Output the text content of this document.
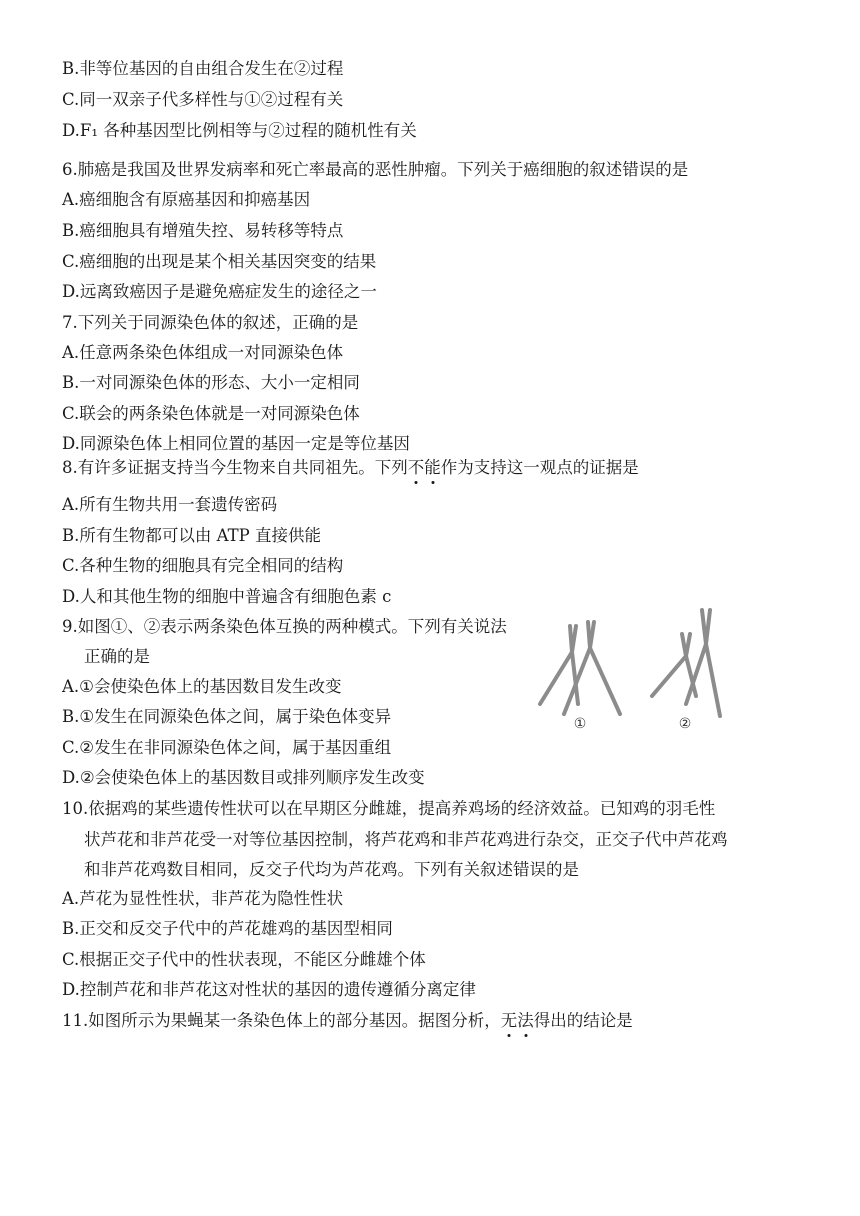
B.非等位基因的自由组合发生在②过程
C.同一双亲子代多样性与①②过程有关
D.F₁ 各种基因型比例相等与②过程的随机性有关
6.肺癌是我国及世界发病率和死亡率最高的恶性肿瘤。下列关于癌细胞的叙述错误的是
A.癌细胞含有原癌基因和抑癌基因
B.癌细胞具有增殖失控、易转移等特点
C.癌细胞的出现是某个相关基因突变的结果
D.远离致癌因子是避免癌症发生的途径之一
7.下列关于同源染色体的叙述，正确的是
A.任意两条染色体组成一对同源染色体
B.一对同源染色体的形态、大小一定相同
C.联会的两条染色体就是一对同源染色体
D.同源染色体上相同位置的基因一定是等位基因
8.有许多证据支持当今生物来自共同祖先。下列不能作为支持这一观点的证据是
A.所有生物共用一套遗传密码
B.所有生物都可以由 ATP 直接供能
C.各种生物的细胞具有完全相同的结构
D.人和其他生物的细胞中普遍含有细胞色素 c
9.如图①、②表示两条染色体互换的两种模式。下列有关说法
正确的是
A.①会使染色体上的基因数目发生改变
B.①发生在同源染色体之间，属于染色体变异
C.②发生在非同源染色体之间，属于基因重组
D.②会使染色体上的基因数目或排列顺序发生改变
①	②
10.依据鸡的某些遗传性状可以在早期区分雌雄，提高养鸡场的经济效益。已知鸡的羽毛性
状芦花和非芦花受一对等位基因控制，将芦花鸡和非芦花鸡进行杂交，正交子代中芦花鸡
和非芦花鸡数目相同，反交子代均为芦花鸡。下列有关叙述错误的是
A.芦花为显性性状，非芦花为隐性性状
B.正交和反交子代中的芦花雄鸡的基因型相同
C.根据正交子代中的性状表现，不能区分雌雄个体
D.控制芦花和非芦花这对性状的基因的遗传遵循分离定律
11.如图所示为果蝇某一条染色体上的部分基因。据图分析，无法得出的结论是
